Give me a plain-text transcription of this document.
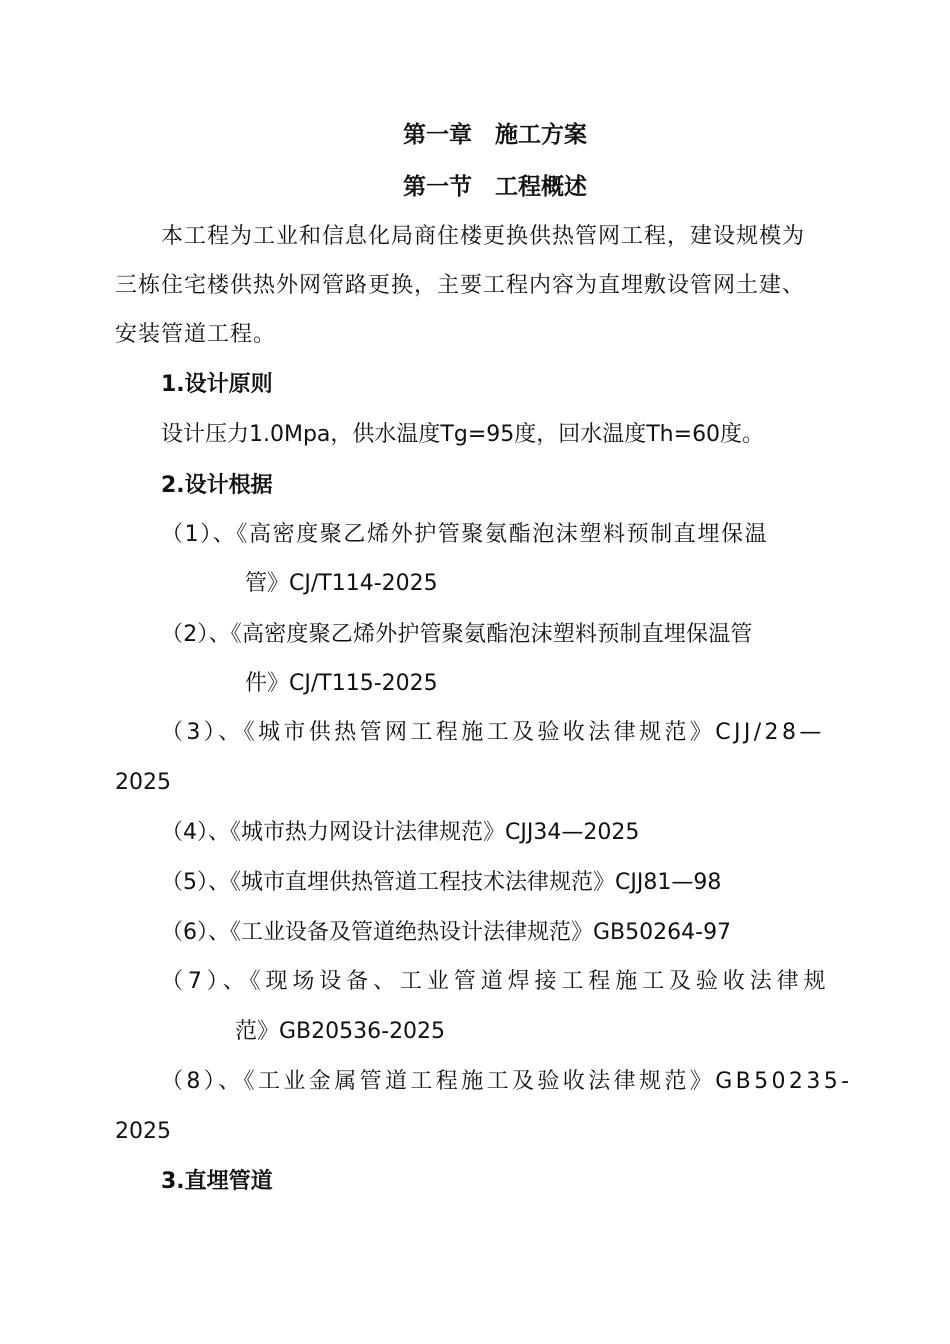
第一章　施工方案
第一节　工程概述
本工程为工业和信息化局商住楼更换供热管网工程，建设规模为
三栋住宅楼供热外网管路更换，主要工程内容为直埋敷设管网土建、
安装管道工程。
1.设计原则
设计压力1.0Mpa，供水温度Tg=95度，回水温度Th=60度。
2.设计根据
（1）、《高密度聚乙烯外护管聚氨酯泡沫塑料预制直埋保温
管》CJ/T114-2025
（2）、《高密度聚乙烯外护管聚氨酯泡沫塑料预制直埋保温管
件》CJ/T115-2025
（3）、《城市供热管网工程施工及验收法律规范》CJJ/28—
2025
（4）、《城市热力网设计法律规范》CJJ34—2025
（5）、《城市直埋供热管道工程技术法律规范》CJJ81—98
（6）、《工业设备及管道绝热设计法律规范》GB50264-97
（7）、《现场设备、工业管道焊接工程施工及验收法律规
范》GB20536-2025
（8）、《工业金属管道工程施工及验收法律规范》GB50235-
2025
3.直埋管道
